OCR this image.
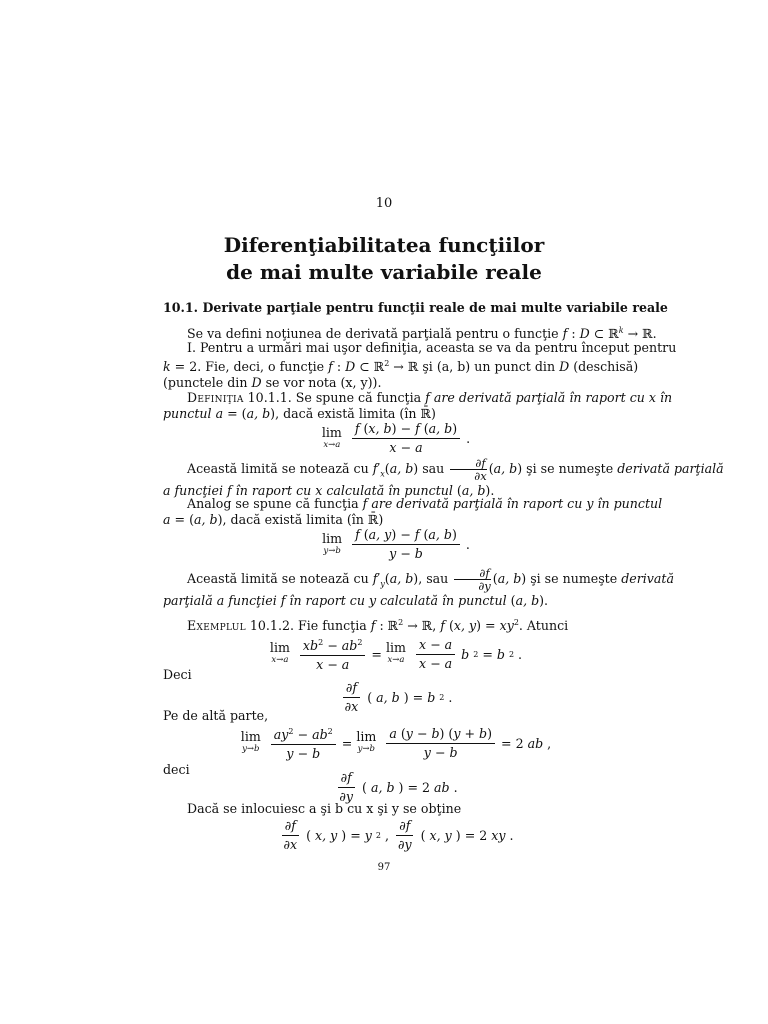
10
Diferenţiabilitatea funcţiilor
de mai multe variabile reale
10.1. Derivate parţiale pentru funcţii reale de mai multe variabile reale
Se va defini noţiunea de derivată parţială pentru o funcţie f : D ⊂ ℝ$^k$ → ℝ.
I. Pentru a urmări mai uşor definiţia, aceasta se va da pentru început pentru
k = 2. Fie, deci, o funcţie f : D ⊂ ℝ$^2$ → ℝ şi (a, b) un punct din D (deschisă)
(punctele din D se vor nota (x, y)).
Definiţia 10.1.1. Se spune că funcţia f are derivată parţială în raport cu x în
punctul a = (a, b), dacă există limita (în ℝ̄)
lim
$x\to a \frac{f (x, b) - f (a, b)}{x - a}$ .
Această limită se notează cu $f'_x(a$, b) sau $\frac{\partial f}{\partial x} (a$, b) şi se numeşte derivată parţială
a funcţiei f în raport cu x calculată în punctul (a, b).
Analog se spune că funcţia f are derivată parţială în raport cu y în punctul
a = (a, b), dacă există limita (în ℝ̄)
lim
$y\to b \frac{f (a, y) - f (a, b)}{y - b}$ .
Această limită se notează cu $f'_y(a$, b), sau $\frac{\partial f}{\partial y} (a$, b) şi se numeşte derivată
parţială a funcţiei f în raport cu y calculată în punctul (a, b).
Exemplul 10.1.2. Fie funcţia f : ℝ$^2$ → ℝ, f (x, $y) = xy^2$. Atunci
lim
$x\to a \frac{xb^2 - ab^2}{x - a} = \lim$
$x\to a \frac{x - a}{x - a}$ b 2 = b 2 .
Deci
$\frac{\partial f}{\partial x}$ ( a, b ) = b 2 .
Pe de altă parte,
lim
$y\to b \frac{ay^2 - ab^2}{y - b} = \lim$
$y\to b \frac{a (y - b) (y + b)}{y - b} = 2$ ab ,
deci
$\frac{\partial f}{\partial y}$ ( a, b ) = 2 ab .
Dacă se inlocuiesc a şi b cu x şi y se obţine
$\frac{\partial f}{\partial x}$ ( x, y ) = y 2 , $\frac{\partial f}{\partial y}$ ( x, y ) = 2 xy .
97
